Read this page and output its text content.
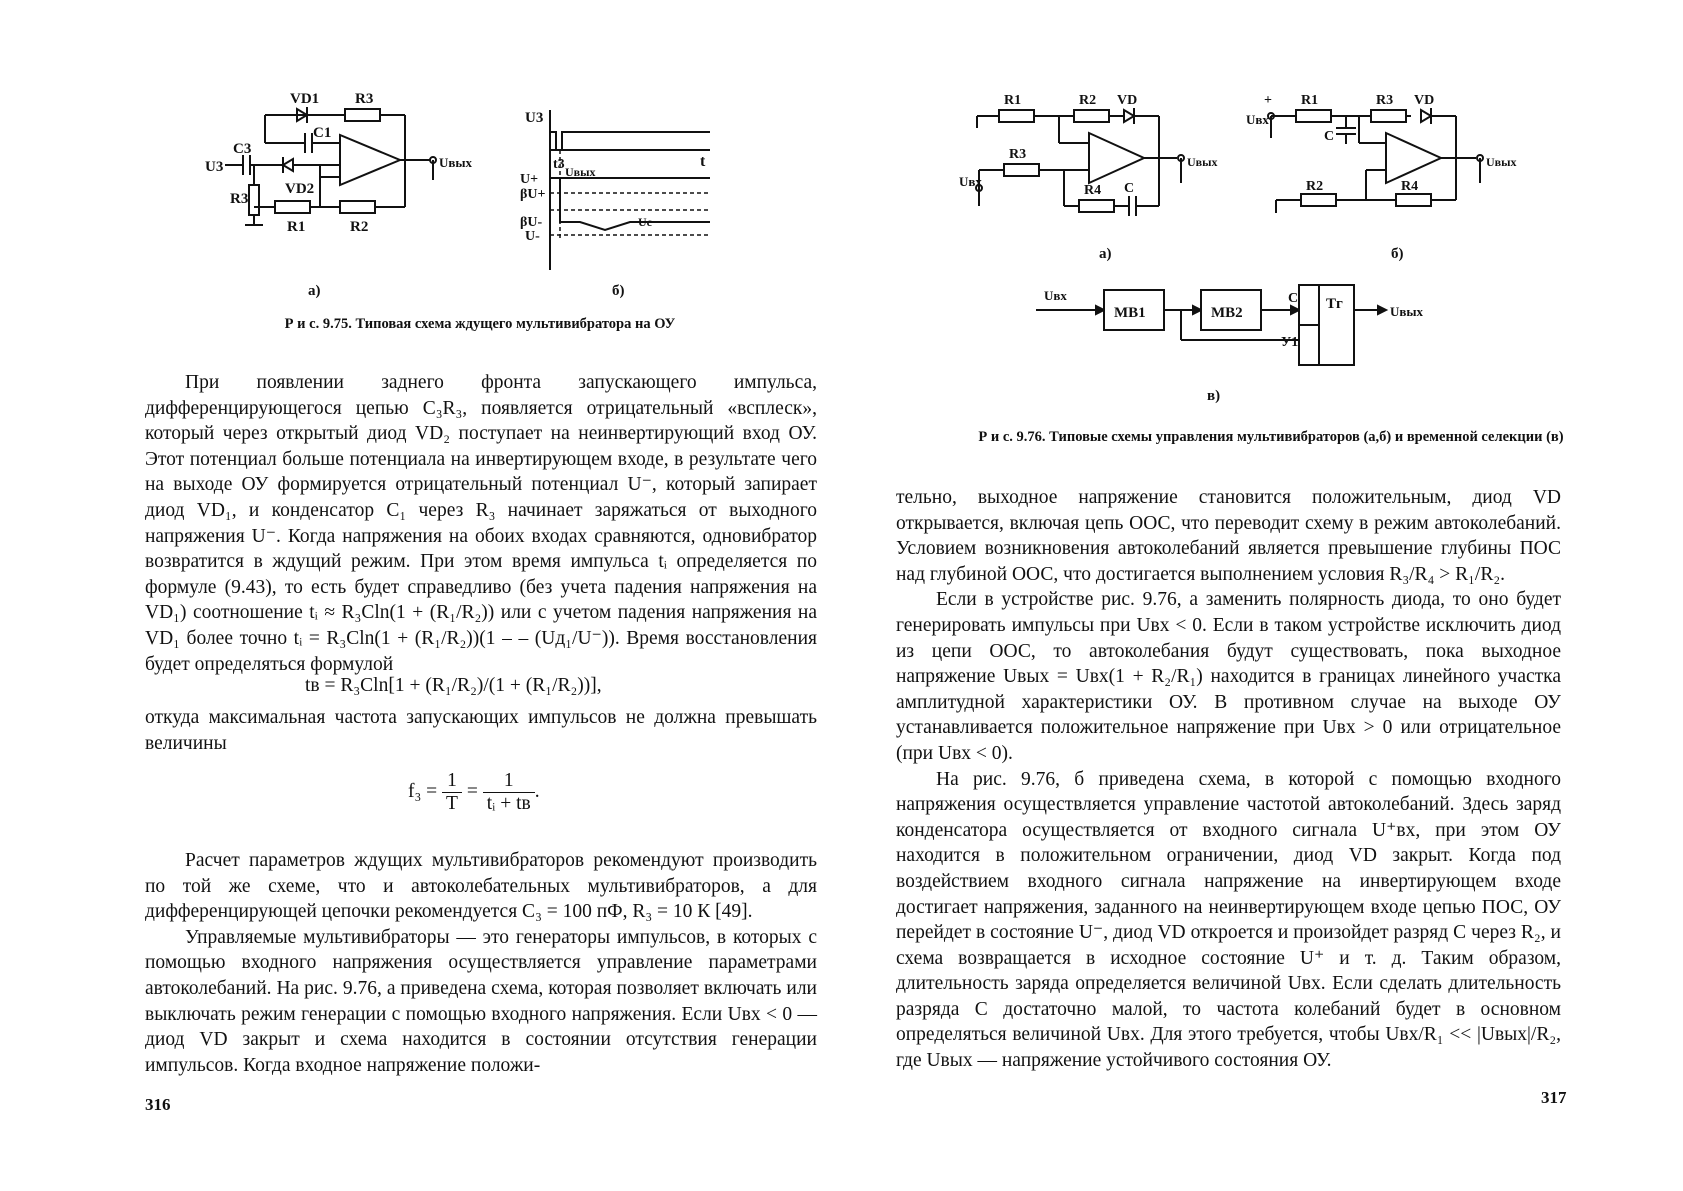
VD1 R3
C1
C3
U3
VD2
R3
R1	R2
Uвых
U3
t
t3
U+ Uвых
βU+
βU-	Uc
U-
а)	б)
Р и с. 9.75. Типовая схема ждущего мультивибратора на ОУ

При появлении заднего фронта запускающего импульса, дифференцирующегося цепью C₃R₃, появляется отрицательный «всплеск», который через открытый диод VD₂ поступает на неинвертирующий вход ОУ. Этот потенциал больше потенциала на инвертирующем входе, в результате чего на выходе ОУ формируется отрицательный потенциал U⁻, который запирает диод VD₁, и конденсатор C₁ через R₃ начинает заряжаться от выходного напряжения U⁻. Когда напряжения на обоих входах сравняются, одновибратор возвратится в ждущий режим. При этом время импульса tᵢ определяется по формуле (9.43), то есть будет справедливо (без учета падения напряжения на VD₁) соотношение tᵢ ≈ R₃Cln(1 + (R₁/R₂)) или с учетом падения напряжения на VD₁ более точно tᵢ = R₃Cln(1 + (R₁/R₂))(1 – – (Uд₁/U⁻)). Время восстановления будет определяться формулой

tв = R₃Cln[1 + (R₁/R₂)/(1 + (R₁/R₂))],

откуда максимальная частота запускающих импульсов не должна превышать величины

$f_3 = \frac{1}{T} = \frac{1}{\text{tᵢ + tв}}$ .

Расчет параметров ждущих мультивибраторов рекомендуют производить по той же схеме, что и автоколебательных мультивибраторов, а для дифференцирующей цепочки рекомендуется C₃ = 100 пФ, R₃ = 10 К [49].

Управляемые мультивибраторы — это генераторы импульсов, в которых с помощью входного напряжения осуществляется управление параметрами автоколебаний. На рис. 9.76, а приведена схема, которая позволяет включать или выключать режим генерации с помощью входного напряжения. Если Uвх < 0 — диод VD закрыт и схема находится в состоянии отсутствия генерации импульсов. Когда входное напряжение положи-

316
R1	R2 VD
R3
Uвх
R4 C
Uвых
+
Uвх
R1
C
R3 VD
R2	R4
Uвых
а)	б)
Uвх
MB1	MB2
C Tг
У1
Uвых
в)
Р и с. 9.76. Типовые схемы управления мультивибраторов (а,б) и временной селекции (в)

тельно, выходное напряжение становится положительным, диод VD открывается, включая цепь ООС, что переводит схему в режим автоколебаний. Условием возникновения автоколебаний является превышение глубины ПОС над глубиной ООС, что достигается выполнением условия R₃/R₄ > R₁/R₂.

Если в устройстве рис. 9.76, а заменить полярность диода, то оно будет генерировать импульсы при Uвх < 0. Если в таком устройстве исключить диод из цепи ООС, то автоколебания будут существовать, пока выходное напряжение Uвых = Uвх(1 + R₂/R₁) находится в границах линейного участка амплитудной характеристики ОУ. В противном случае на выходе ОУ устанавливается положительное напряжение при Uвх > 0 или отрицательное (при Uвх < 0).

На рис. 9.76, б приведена схема, в которой с помощью входного напряжения осуществляется управление частотой автоколебаний. Здесь заряд конденсатора осуществляется от входного сигнала U⁺вх, при этом ОУ находится в положительном ограничении, диод VD закрыт. Когда под воздействием входного сигнала напряжение на инвертирующем входе достигает напряжения, заданного на неинвертирующем входе цепью ПОС, ОУ перейдет в состояние U⁻, диод VD откроется и произойдет разряд C через R₂, и схема возвращается в исходное состояние U⁺ и т. д. Таким образом, длительность заряда определяется величиной Uвх. Если сделать длительность разряда C достаточно малой, то частота колебаний будет в основном определяться величиной Uвх. Для этого требуется, чтобы Uвх/R₁ << |Uвых|/R₂, где Uвых — напряжение устойчивого состояния ОУ.

317
